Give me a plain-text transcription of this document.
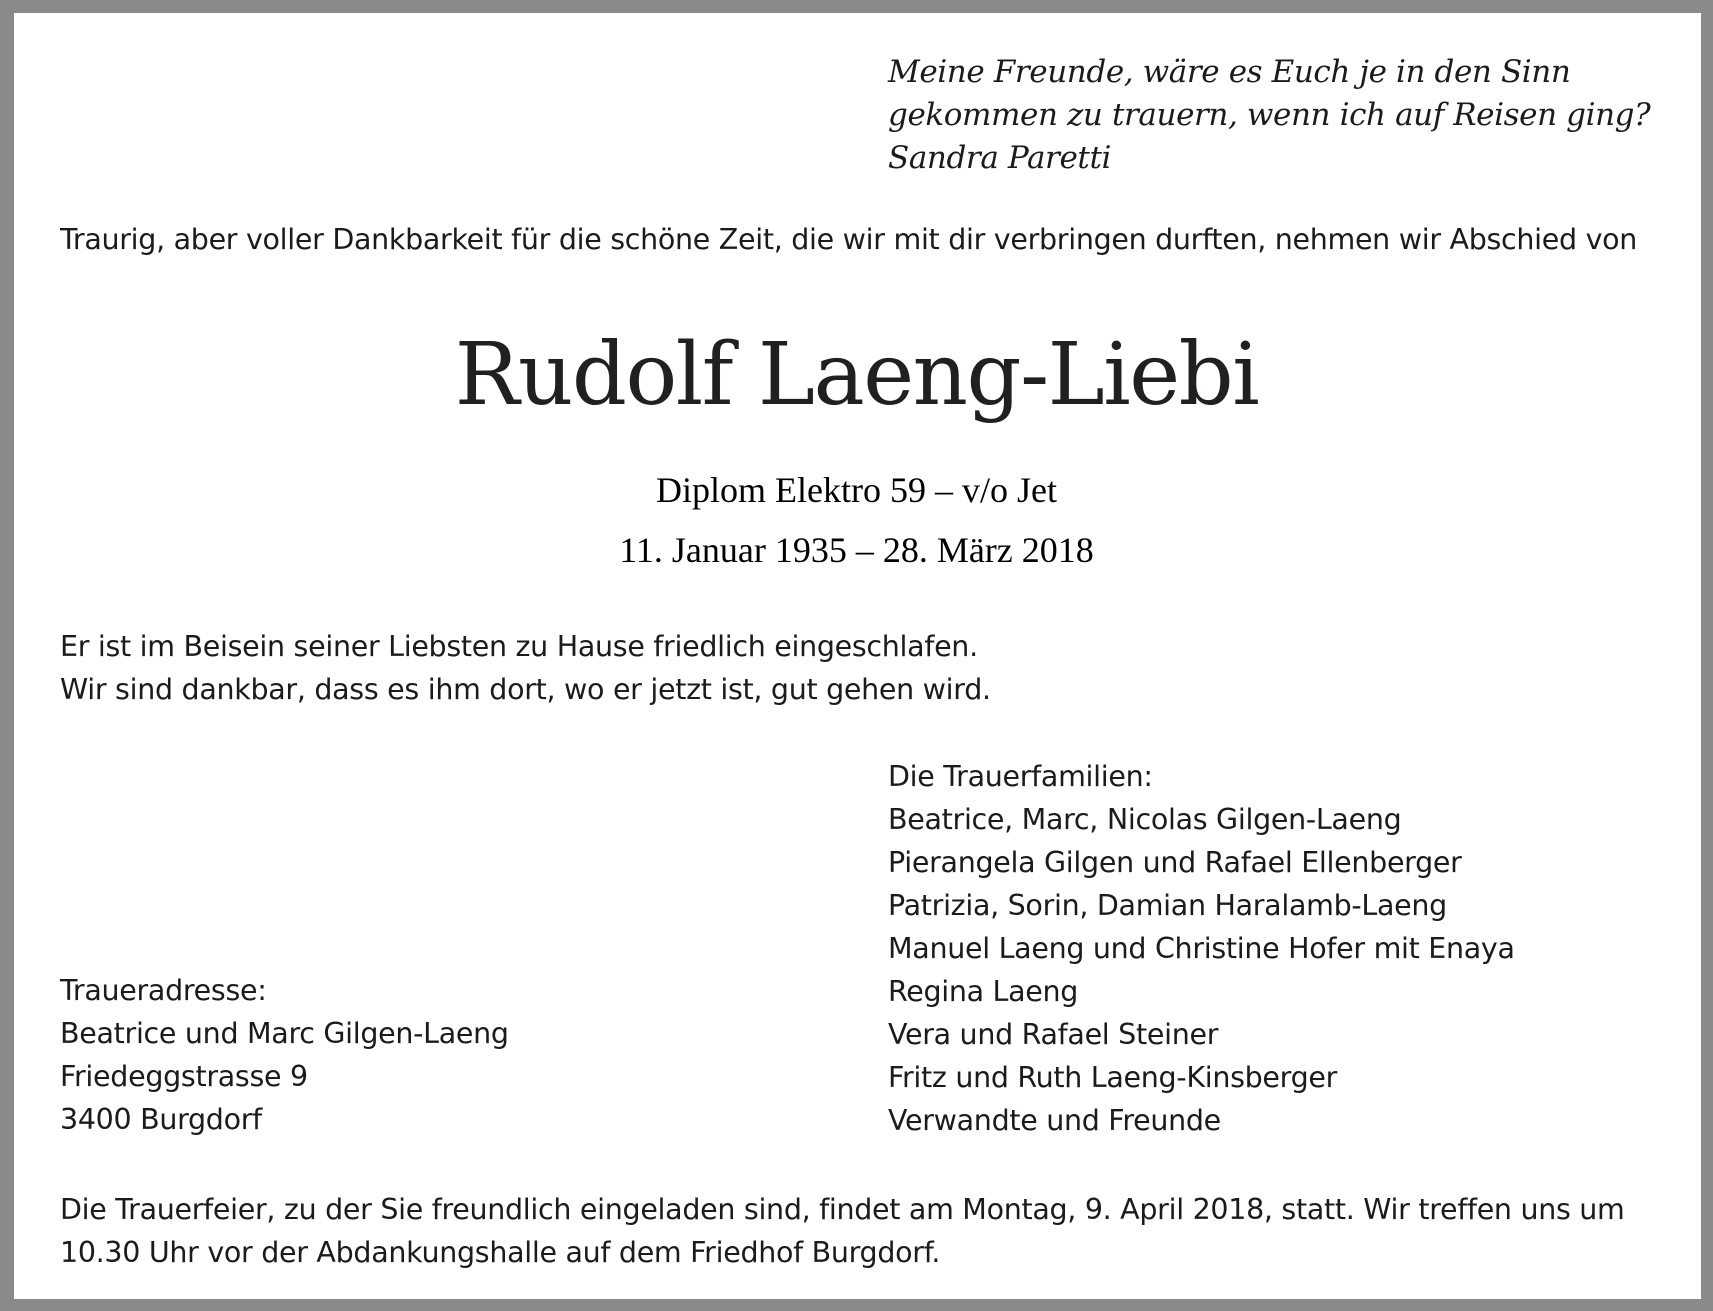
Meine Freunde, wäre es Euch je in den Sinn
gekommen zu trauern, wenn ich auf Reisen ging?
Sandra Paretti
Traurig, aber voller Dankbarkeit für die schöne Zeit, die wir mit dir verbringen durften, nehmen wir Abschied von
Er ist im Beisein seiner Liebsten zu Hause friedlich eingeschlafen.
Wir sind dankbar, dass es ihm dort, wo er jetzt ist, gut gehen wird.
Die Trauerfamilien:
Beatrice, Marc, Nicolas Gilgen-Laeng
Pierangela Gilgen und Rafael Ellenberger
Patrizia, Sorin, Damian Haralamb-Laeng
Manuel Laeng und Christine Hofer mit Enaya
Regina Laeng
Vera und Rafael Steiner
Fritz und Ruth Laeng-Kinsberger
Verwandte und Freunde
Traueradresse:
Beatrice und Marc Gilgen-Laeng
Friedeggstrasse 9
3400 Burgdorf
Die Trauerfeier, zu der Sie freundlich eingeladen sind, findet am Montag, 9. April 2018, statt. Wir treffen uns um 10.30 Uhr vor der Abdankungshalle auf dem Friedhof Burgdorf.
Rudolf Laeng-Liebi
Diplom Elektro 59 – v/o Jet
11. Januar 1935 – 28. März 2018
